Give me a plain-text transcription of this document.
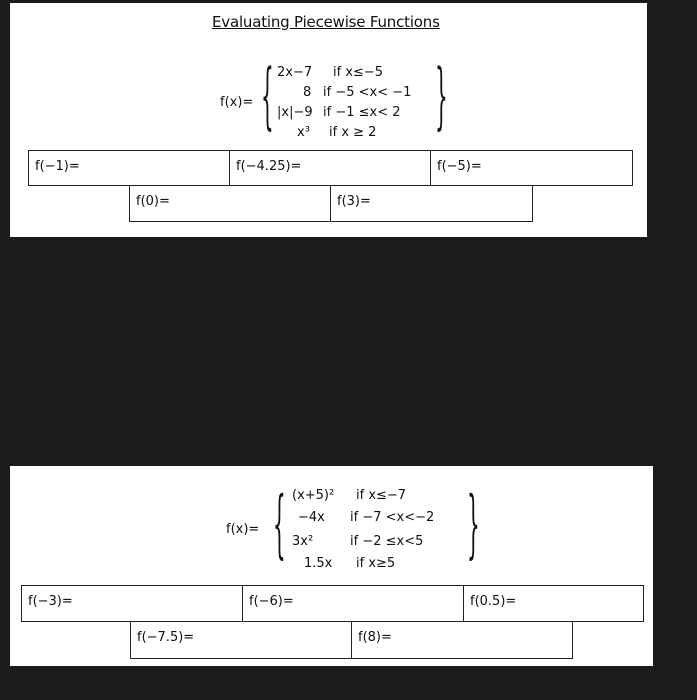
Evaluating Piecewise Functions
f(x)= {	}
2x−7 if x≤−5
8 if −5 <x< −1
|x|−9 if −1 ≤x< 2
x³ if x ≥ 2
f(−1)=	f(−4.25)=	f(−5)=
f(0)=	f(3)=
f(x)= {	}
(x+5)² if x≤−7
−4x if −7 <x<−2
3x²	if −2 ≤x<5
1.5x if x≥5
f(−3)=	f(−6)=	f(0.5)=
f(−7.5)=	f(8)=
